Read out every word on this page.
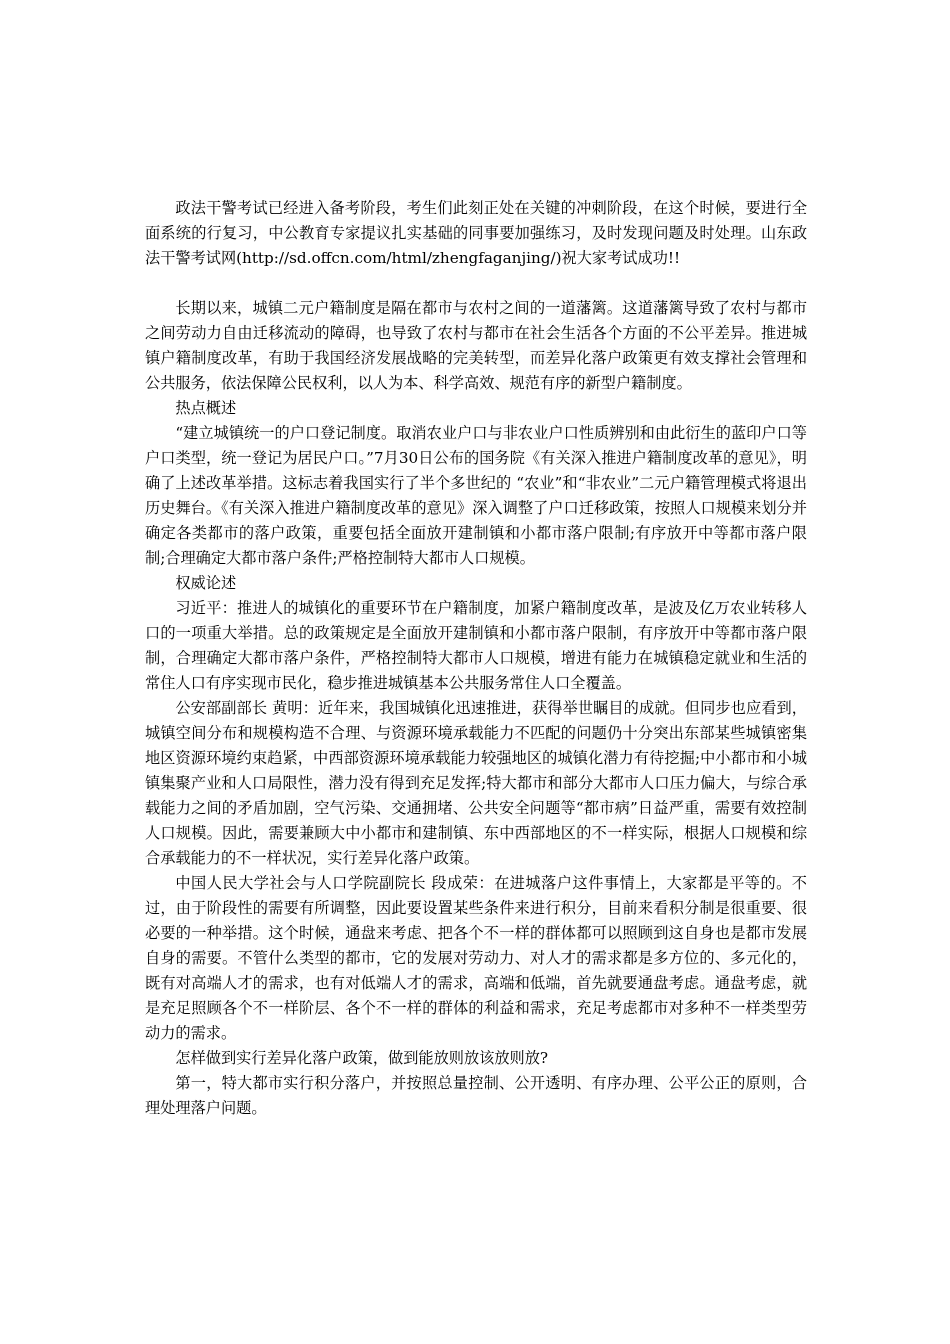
政法干警考试已经进入备考阶段，考生们此刻正处在关键的冲刺阶段，在这个时候，要进行全面系统的行复习，中公教育专家提议扎实基础的同事要加强练习，及时发现问题及时处理。山东政法干警考试网(http://sd.offcn.com/html/zhengfaganjing/)祝大家考试成功!!

长期以来，城镇二元户籍制度是隔在都市与农村之间的一道藩篱。这道藩篱导致了农村与都市之间劳动力自由迁移流动的障碍，也导致了农村与都市在社会生活各个方面的不公平差异。推进城镇户籍制度改革，有助于我国经济发展战略的完美转型，而差异化落户政策更有效支撑社会管理和公共服务，依法保障公民权利，以人为本、科学高效、规范有序的新型户籍制度。

热点概述

“建立城镇统一的户口登记制度。取消农业户口与非农业户口性质辨别和由此衍生的蓝印户口等户口类型，统一登记为居民户口。”7月30日公布的国务院《有关深入推进户籍制度改革的意见》，明确了上述改革举措。这标志着我国实行了半个多世纪的 “农业”和“非农业”二元户籍管理模式将退出历史舞台。《有关深入推进户籍制度改革的意见》深入调整了户口迁移政策，按照人口规模来划分并确定各类都市的落户政策，重要包括全面放开建制镇和小都市落户限制;有序放开中等都市落户限制;合理确定大都市落户条件;严格控制特大都市人口规模。

权威论述

习近平：推进人的城镇化的重要环节在户籍制度，加紧户籍制度改革，是波及亿万农业转移人口的一项重大举措。总的政策规定是全面放开建制镇和小都市落户限制，有序放开中等都市落户限制，合理确定大都市落户条件，严格控制特大都市人口规模，增进有能力在城镇稳定就业和生活的常住人口有序实现市民化，稳步推进城镇基本公共服务常住人口全覆盖。

公安部副部长 黄明：近年来，我国城镇化迅速推进，获得举世瞩目的成就。但同步也应看到，城镇空间分布和规模构造不合理、与资源环境承载能力不匹配的问题仍十分突出东部某些城镇密集地区资源环境约束趋紧，中西部资源环境承载能力较强地区的城镇化潜力有待挖掘;中小都市和小城镇集聚产业和人口局限性，潜力没有得到充足发挥;特大都市和部分大都市人口压力偏大，与综合承载能力之间的矛盾加剧，空气污染、交通拥堵、公共安全问题等“都市病”日益严重，需要有效控制人口规模。因此，需要兼顾大中小都市和建制镇、东中西部地区的不一样实际，根据人口规模和综合承载能力的不一样状况，实行差异化落户政策。

中国人民大学社会与人口学院副院长 段成荣：在进城落户这件事情上，大家都是平等的。不过，由于阶段性的需要有所调整，因此要设置某些条件来进行积分，目前来看积分制是很重要、很必要的一种举措。这个时候，通盘来考虑、把各个不一样的群体都可以照顾到这自身也是都市发展自身的需要。不管什么类型的都市，它的发展对劳动力、对人才的需求都是多方位的、多元化的，既有对高端人才的需求，也有对低端人才的需求，高端和低端，首先就要通盘考虑。通盘考虑，就是充足照顾各个不一样阶层、各个不一样的群体的利益和需求，充足考虑都市对多种不一样类型劳动力的需求。

怎样做到实行差异化落户政策，做到能放则放该放则放?

第一，特大都市实行积分落户，并按照总量控制、公开透明、有序办理、公平公正的原则，合理处理落户问题。
